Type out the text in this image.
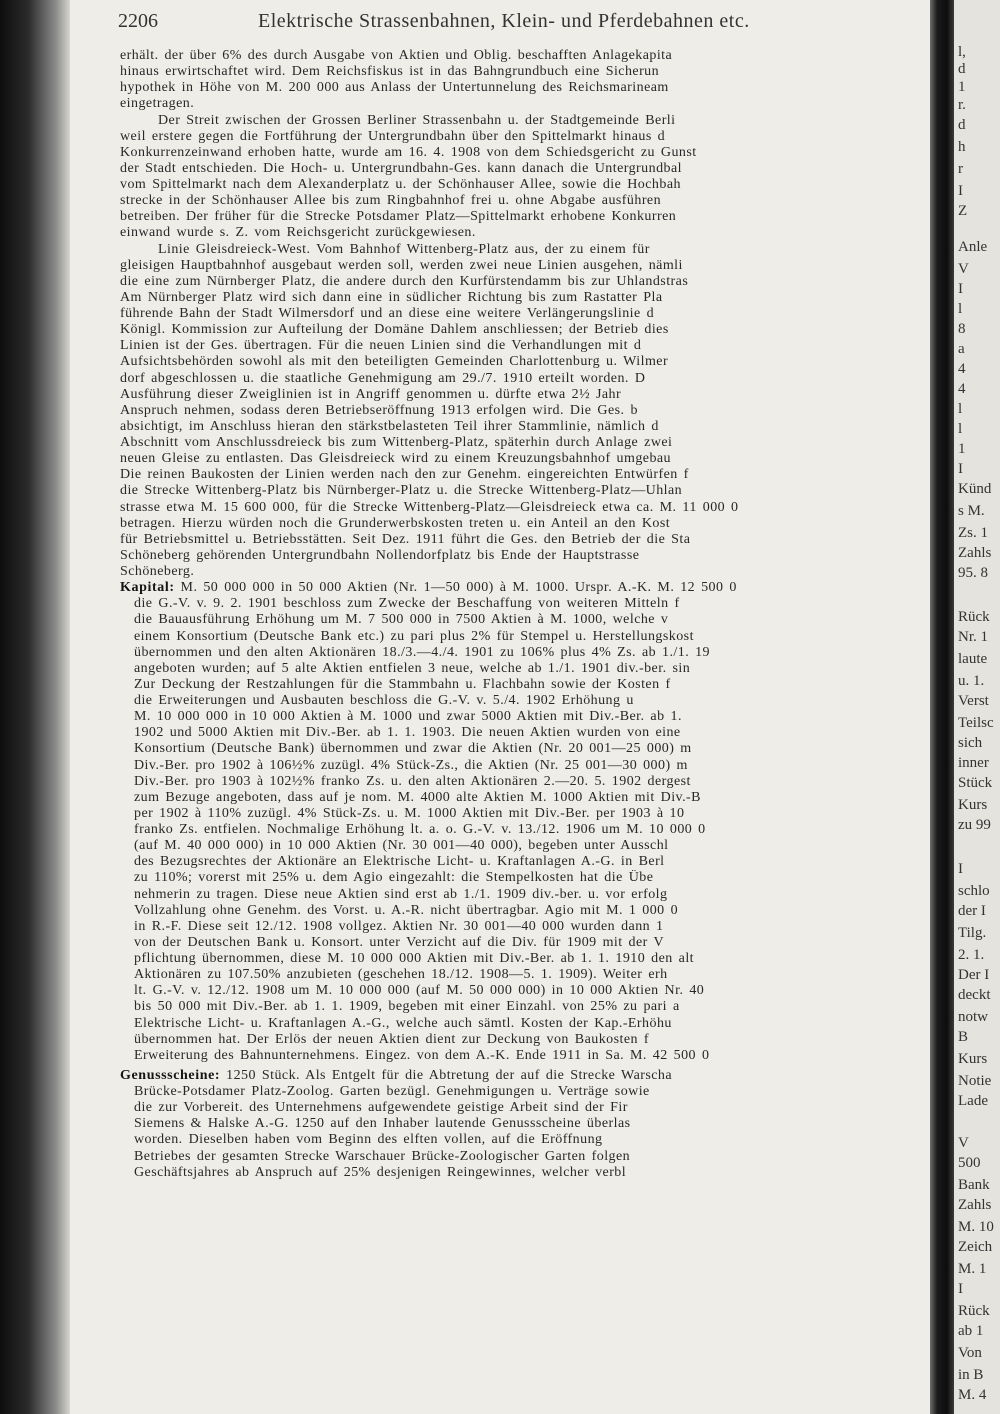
2206	Elektrische Strassenbahnen, Klein- und Pferdebahnen etc.
erhält. der über 6% des durch Ausgabe von Aktien und Oblig. beschafften Anlagekapita
hinaus erwirtschaftet wird. Dem Reichsfiskus ist in das Bahngrundbuch eine Sicherun
hypothek in Höhe von M. 200 000 aus Anlass der Untertunnelung des Reichsmarineam
eingetragen.
Der Streit zwischen der Grossen Berliner Strassenbahn u. der Stadtgemeinde Berli
weil erstere gegen die Fortführung der Untergrundbahn über den Spittelmarkt hinaus d
Konkurrenzeinwand erhoben hatte, wurde am 16. 4. 1908 von dem Schiedsgericht zu Gunst
der Stadt entschieden. Die Hoch- u. Untergrundbahn-Ges. kann danach die Untergrundbal
vom Spittelmarkt nach dem Alexanderplatz u. der Schönhauser Allee, sowie die Hochbah
strecke in der Schönhauser Allee bis zum Ringbahnhof frei u. ohne Abgabe ausführen
betreiben. Der früher für die Strecke Potsdamer Platz—Spittelmarkt erhobene Konkurren
einwand wurde s. Z. vom Reichsgericht zurückgewiesen.
Linie Gleisdreieck-West. Vom Bahnhof Wittenberg-Platz aus, der zu einem für
gleisigen Hauptbahnhof ausgebaut werden soll, werden zwei neue Linien ausgehen, nämli
die eine zum Nürnberger Platz, die andere durch den Kurfürstendamm bis zur Uhlandstras
Am Nürnberger Platz wird sich dann eine in südlicher Richtung bis zum Rastatter Pla
führende Bahn der Stadt Wilmersdorf und an diese eine weitere Verlängerungslinie d
Königl. Kommission zur Aufteilung der Domäne Dahlem anschliessen; der Betrieb dies
Linien ist der Ges. übertragen. Für die neuen Linien sind die Verhandlungen mit d
Aufsichtsbehörden sowohl als mit den beteiligten Gemeinden Charlottenburg u. Wilmer
dorf abgeschlossen u. die staatliche Genehmigung am 29./7. 1910 erteilt worden. D
Ausführung dieser Zweiglinien ist in Angriff genommen u. dürfte etwa 2½ Jahr
Anspruch nehmen, sodass deren Betriebseröffnung 1913 erfolgen wird. Die Ges. b
absichtigt, im Anschluss hieran den stärkstbelasteten Teil ihrer Stammlinie, nämlich d
Abschnitt vom Anschlussdreieck bis zum Wittenberg-Platz, späterhin durch Anlage zwei
neuen Gleise zu entlasten. Das Gleisdreieck wird zu einem Kreuzungsbahnhof umgebau
Die reinen Baukosten der Linien werden nach den zur Genehm. eingereichten Entwürfen f
die Strecke Wittenberg-Platz bis Nürnberger-Platz u. die Strecke Wittenberg-Platz—Uhlan
strasse etwa M. 15 600 000, für die Strecke Wittenberg-Platz—Gleisdreieck etwa ca. M. 11 000 0
betragen. Hierzu würden noch die Grunderwerbskosten treten u. ein Anteil an den Kost
für Betriebsmittel u. Betriebsstätten. Seit Dez. 1911 führt die Ges. den Betrieb der die Sta
Schöneberg gehörenden Untergrundbahn Nollendorfplatz bis Ende der Hauptstrasse
Schöneberg.
Kapital: M. 50 000 000 in 50 000 Aktien (Nr. 1—50 000) à M. 1000. Urspr. A.-K. M. 12 500 0
die G.-V. v. 9. 2. 1901 beschloss zum Zwecke der Beschaffung von weiteren Mitteln f
die Bauausführung Erhöhung um M. 7 500 000 in 7500 Aktien à M. 1000, welche v
einem Konsortium (Deutsche Bank etc.) zu pari plus 2% für Stempel u. Herstellungskost
übernommen und den alten Aktionären 18./3.—4./4. 1901 zu 106% plus 4% Zs. ab 1./1. 19
angeboten wurden; auf 5 alte Aktien entfielen 3 neue, welche ab 1./1. 1901 div.-ber. sin
Zur Deckung der Restzahlungen für die Stammbahn u. Flachbahn sowie der Kosten f
die Erweiterungen und Ausbauten beschloss die G.-V. v. 5./4. 1902 Erhöhung u
M. 10 000 000 in 10 000 Aktien à M. 1000 und zwar 5000 Aktien mit Div.-Ber. ab 1.
1902 und 5000 Aktien mit Div.-Ber. ab 1. 1. 1903. Die neuen Aktien wurden von eine
Konsortium (Deutsche Bank) übernommen und zwar die Aktien (Nr. 20 001—25 000) m
Div.-Ber. pro 1902 à 106½% zuzügl. 4% Stück-Zs., die Aktien (Nr. 25 001—30 000) m
Div.-Ber. pro 1903 à 102½% franko Zs. u. den alten Aktionären 2.—20. 5. 1902 dergest
zum Bezuge angeboten, dass auf je nom. M. 4000 alte Aktien M. 1000 Aktien mit Div.-B
per 1902 à 110% zuzügl. 4% Stück-Zs. u. M. 1000 Aktien mit Div.-Ber. per 1903 à 10
franko Zs. entfielen. Nochmalige Erhöhung lt. a. o. G.-V. v. 13./12. 1906 um M. 10 000 0
(auf M. 40 000 000) in 10 000 Aktien (Nr. 30 001—40 000), begeben unter Ausschl
des Bezugsrechtes der Aktionäre an Elektrische Licht- u. Kraftanlagen A.-G. in Berl
zu 110%; vorerst mit 25% u. dem Agio eingezahlt: die Stempelkosten hat die Übe
nehmerin zu tragen. Diese neue Aktien sind erst ab 1./1. 1909 div.-ber. u. vor erfolg
Vollzahlung ohne Genehm. des Vorst. u. A.-R. nicht übertragbar. Agio mit M. 1 000 0
in R.-F. Diese seit 12./12. 1908 vollgez. Aktien Nr. 30 001—40 000 wurden dann 1
von der Deutschen Bank u. Konsort. unter Verzicht auf die Div. für 1909 mit der V
pflichtung übernommen, diese M. 10 000 000 Aktien mit Div.-Ber. ab 1. 1. 1910 den alt
Aktionären zu 107.50% anzubieten (geschehen 18./12. 1908—5. 1. 1909). Weiter erh
lt. G.-V. v. 12./12. 1908 um M. 10 000 000 (auf M. 50 000 000) in 10 000 Aktien Nr. 40
bis 50 000 mit Div.-Ber. ab 1. 1. 1909, begeben mit einer Einzahl. von 25% zu pari a
Elektrische Licht- u. Kraftanlagen A.-G., welche auch sämtl. Kosten der Kap.-Erhöhu
übernommen hat. Der Erlös der neuen Aktien dient zur Deckung von Baukosten f
Erweiterung des Bahnunternehmens. Eingez. von dem A.-K. Ende 1911 in Sa. M. 42 500 0
Genussscheine: 1250 Stück. Als Entgelt für die Abtretung der auf die Strecke Warscha
Brücke-Potsdamer Platz-Zoolog. Garten bezügl. Genehmigungen u. Verträge sowie
die zur Vorbereit. des Unternehmens aufgewendete geistige Arbeit sind der Fir
Siemens & Halske A.-G. 1250 auf den Inhaber lautende Genussscheine überlas
worden. Dieselben haben vom Beginn des elften vollen, auf die Eröffnung
Betriebes der gesamten Strecke Warschauer Brücke-Zoologischer Garten folgen
Geschäftsjahres ab Anspruch auf 25% desjenigen Reingewinnes, welcher verbl
l,
d
1
r.
d
h
r
I
Z
Anle
V
I
l
8
a
4
4
l
l
1
I
Künd
s M.
Zs. 1
Zahls
95. 8
Rück
Nr. 1
laute
u. 1.
Verst
Teilsc
sich
inner
Stück
Kurs
zu 99
I
schlo
der I
Tilg.
2. 1.
Der I
deckt
notw
B
Kurs
Notie
Lade
V
500
Bank
Zahls
M. 10
Zeich
M. 1
I
Rück
ab 1
Von
in B
M. 4
